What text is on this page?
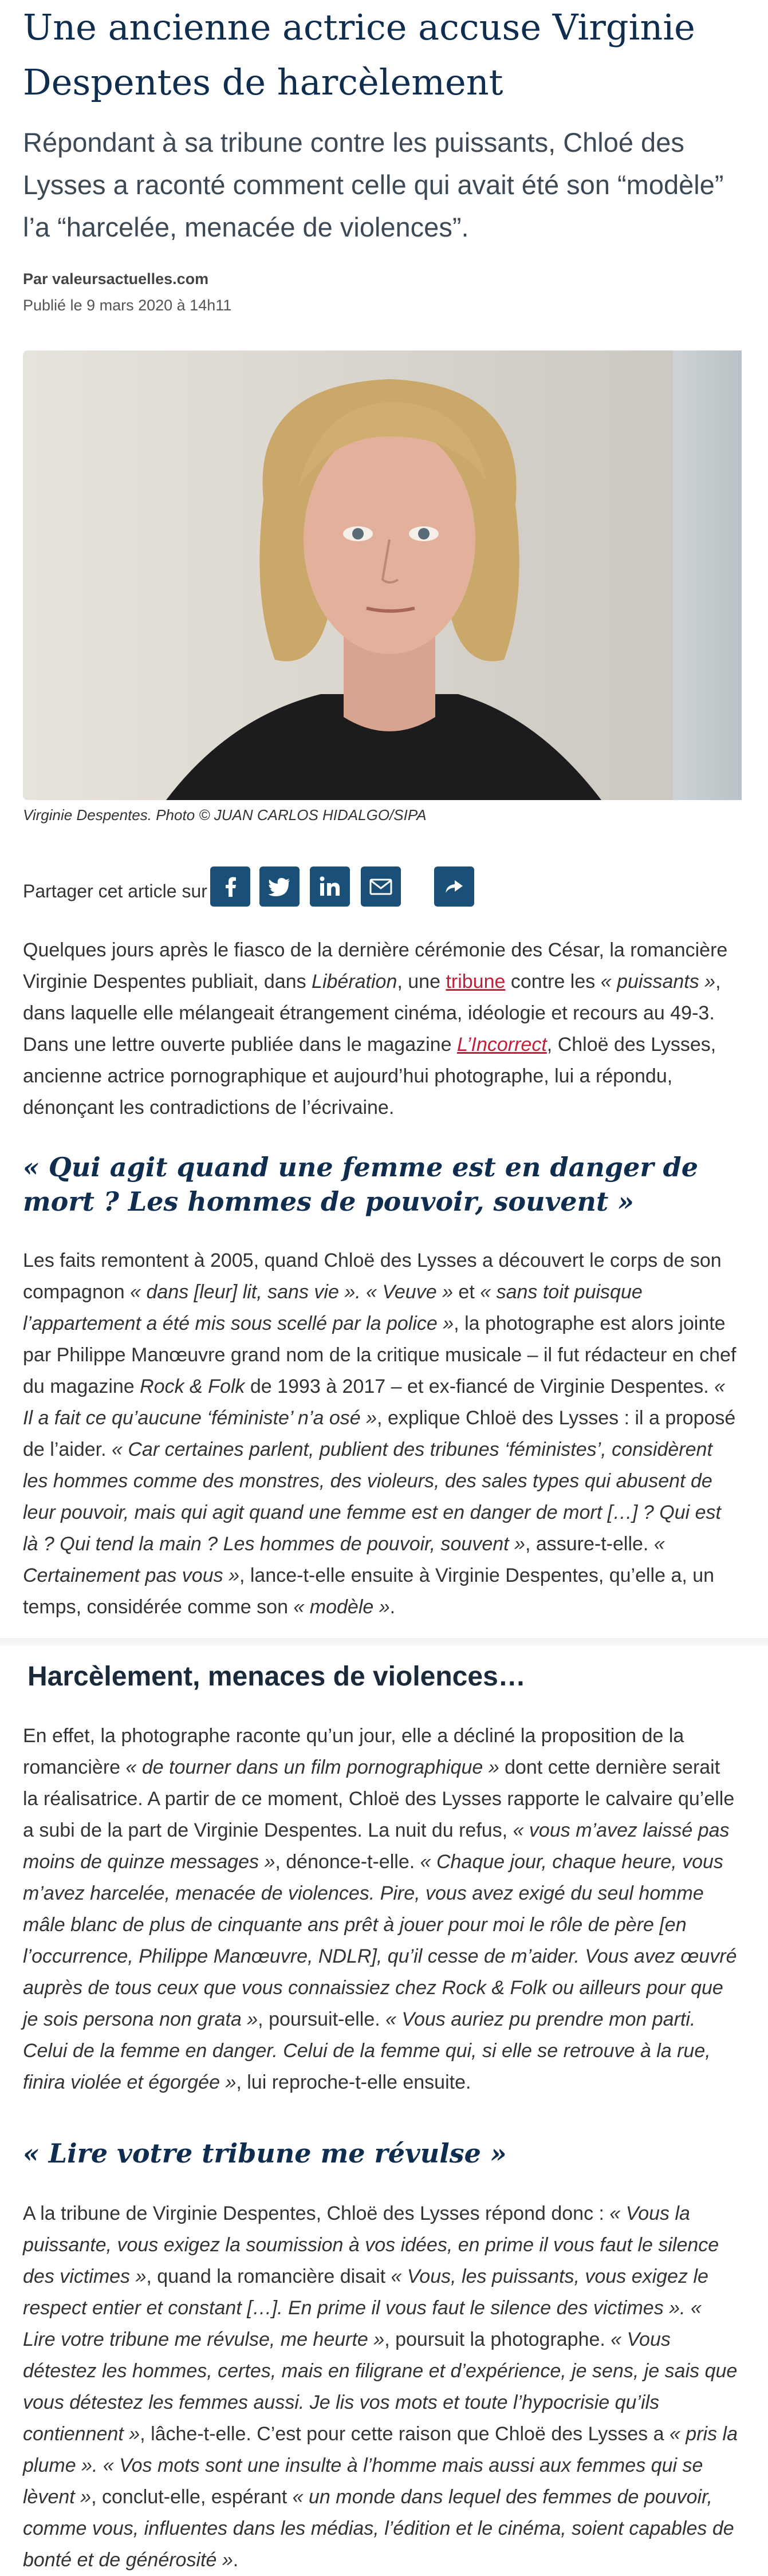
Une ancienne actrice accuse Virginie Despentes de harcèlement

Répondant à sa tribune contre les puissants, Chloé des Lysses a raconté comment celle qui avait été son “modèle” l’a “harcelée, menacée de violences”.

Par valeursactuelles.com
Publié le 9 mars 2020 à 14h11
Virginie Despentes. Photo © JUAN CARLOS HIDALGO/SIPA
Partager cet article sur

Quelques jours après le fiasco de la dernière cérémonie des César, la romancière Virginie Despentes publiait, dans Libération, une tribune contre les « puissants », dans laquelle elle mélangeait étrangement cinéma, idéologie et recours au 49-3. Dans une lettre ouverte publiée dans le magazine L’Incorrect, Chloë des Lysses, ancienne actrice pornographique et aujourd’hui photographe, lui a répondu, dénonçant les contradictions de l’écrivaine.

« Qui agit quand une femme est en danger de mort ? Les hommes de pouvoir, souvent »

Les faits remontent à 2005, quand Chloë des Lysses a découvert le corps de son compagnon « dans [leur] lit, sans vie ». « Veuve » et « sans toit puisque l’appartement a été mis sous scellé par la police », la photographe est alors jointe par Philippe Manœuvre grand nom de la critique musicale – il fut rédacteur en chef du magazine Rock & Folk de 1993 à 2017 – et ex-fiancé de Virginie Despentes. « Il a fait ce qu’aucune ‘féministe’ n’a osé », explique Chloë des Lysses : il a proposé de l’aider. « Car certaines parlent, publient des tribunes ‘féministes’, considèrent les hommes comme des monstres, des violeurs, des sales types qui abusent de leur pouvoir, mais qui agit quand une femme est en danger de mort […] ? Qui est là ? Qui tend la main ? Les hommes de pouvoir, souvent », assure-t-elle. « Certainement pas vous », lance-t-elle ensuite à Virginie Despentes, qu’elle a, un temps, considérée comme son « modèle ».

Harcèlement, menaces de violences…

En effet, la photographe raconte qu’un jour, elle a décliné la proposition de la romancière « de tourner dans un film pornographique » dont cette dernière serait la réalisatrice. A partir de ce moment, Chloë des Lysses rapporte le calvaire qu’elle a subi de la part de Virginie Despentes. La nuit du refus, « vous m’avez laissé pas moins de quinze messages », dénonce-t-elle. « Chaque jour, chaque heure, vous m’avez harcelée, menacée de violences. Pire, vous avez exigé du seul homme mâle blanc de plus de cinquante ans prêt à jouer pour moi le rôle de père [en l’occurrence, Philippe Manœuvre, NDLR], qu’il cesse de m’aider. Vous avez œuvré auprès de tous ceux que vous connaissiez chez Rock & Folk ou ailleurs pour que je sois persona non grata », poursuit-elle. « Vous auriez pu prendre mon parti. Celui de la femme en danger. Celui de la femme qui, si elle se retrouve à la rue, finira violée et égorgée », lui reproche-t-elle ensuite.

« Lire votre tribune me révulse »

A la tribune de Virginie Despentes, Chloë des Lysses répond donc : « Vous la puissante, vous exigez la soumission à vos idées, en prime il vous faut le silence des victimes », quand la romancière disait « Vous, les puissants, vous exigez le respect entier et constant […]. En prime il vous faut le silence des victimes ». « Lire votre tribune me révulse, me heurte », poursuit la photographe. « Vous détestez les hommes, certes, mais en filigrane et d’expérience, je sens, je sais que vous détestez les femmes aussi. Je lis vos mots et toute l’hypocrisie qu’ils contiennent », lâche-t-elle. C’est pour cette raison que Chloë des Lysses a « pris la plume ». « Vos mots sont une insulte à l’homme mais aussi aux femmes qui se lèvent », conclut-elle, espérant « un monde dans lequel des femmes de pouvoir, comme vous, influentes dans les médias, l’édition et le cinéma, soient capables de bonté et de générosité ».
